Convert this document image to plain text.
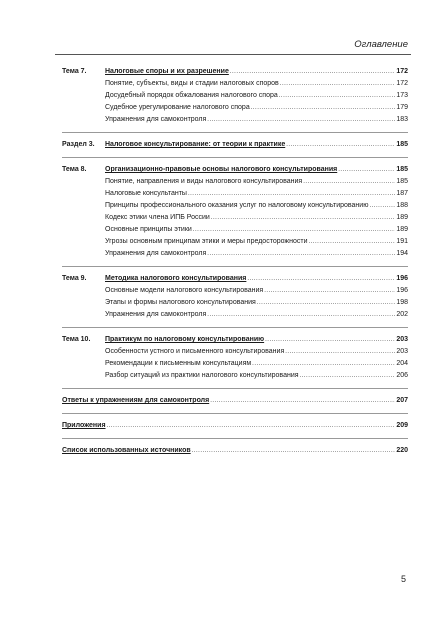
Оглавление
Тема 7.	Налоговые споры и их разрешение .....	172
Понятие, субъекты, виды и стадии налоговых споров .....	172
Досудебный порядок обжалования налогового спора .....	173
Судебное урегулирование налогового спора .....	179
Упражнения для самоконтроля .....	183
Раздел 3.	Налоговое консультирование: от теории к практике .....	185
Тема 8.	Организационно-правовые основы налогового консультирования .....	185
Понятие, направления и виды налогового консультирования .....	185
Налоговые консультанты .....	187
Принципы профессионального оказания услуг по налоговому консультированию .....	188
Кодекс этики члена ИПБ России .....	189
Основные принципы этики .....	189
Угрозы основным принципам этики и меры предосторожности .....	191
Упражнения для самоконтроля .....	194
Тема 9.	Методика налогового консультирования .....	196
Основные модели налогового консультирования .....	196
Этапы и формы налогового консультирования .....	198
Упражнения для самоконтроля .....	202
Тема 10.	Практикум по налоговому консультированию .....	203
Особенности устного и письменного консультирования .....	203
Рекомендации к письменным консультациям .....	204
Разбор ситуаций из практики налогового консультирования .....	206
Ответы к упражнениям для самоконтроля .....	207
Приложения .....	209
Список использованных источников .....	220
5
